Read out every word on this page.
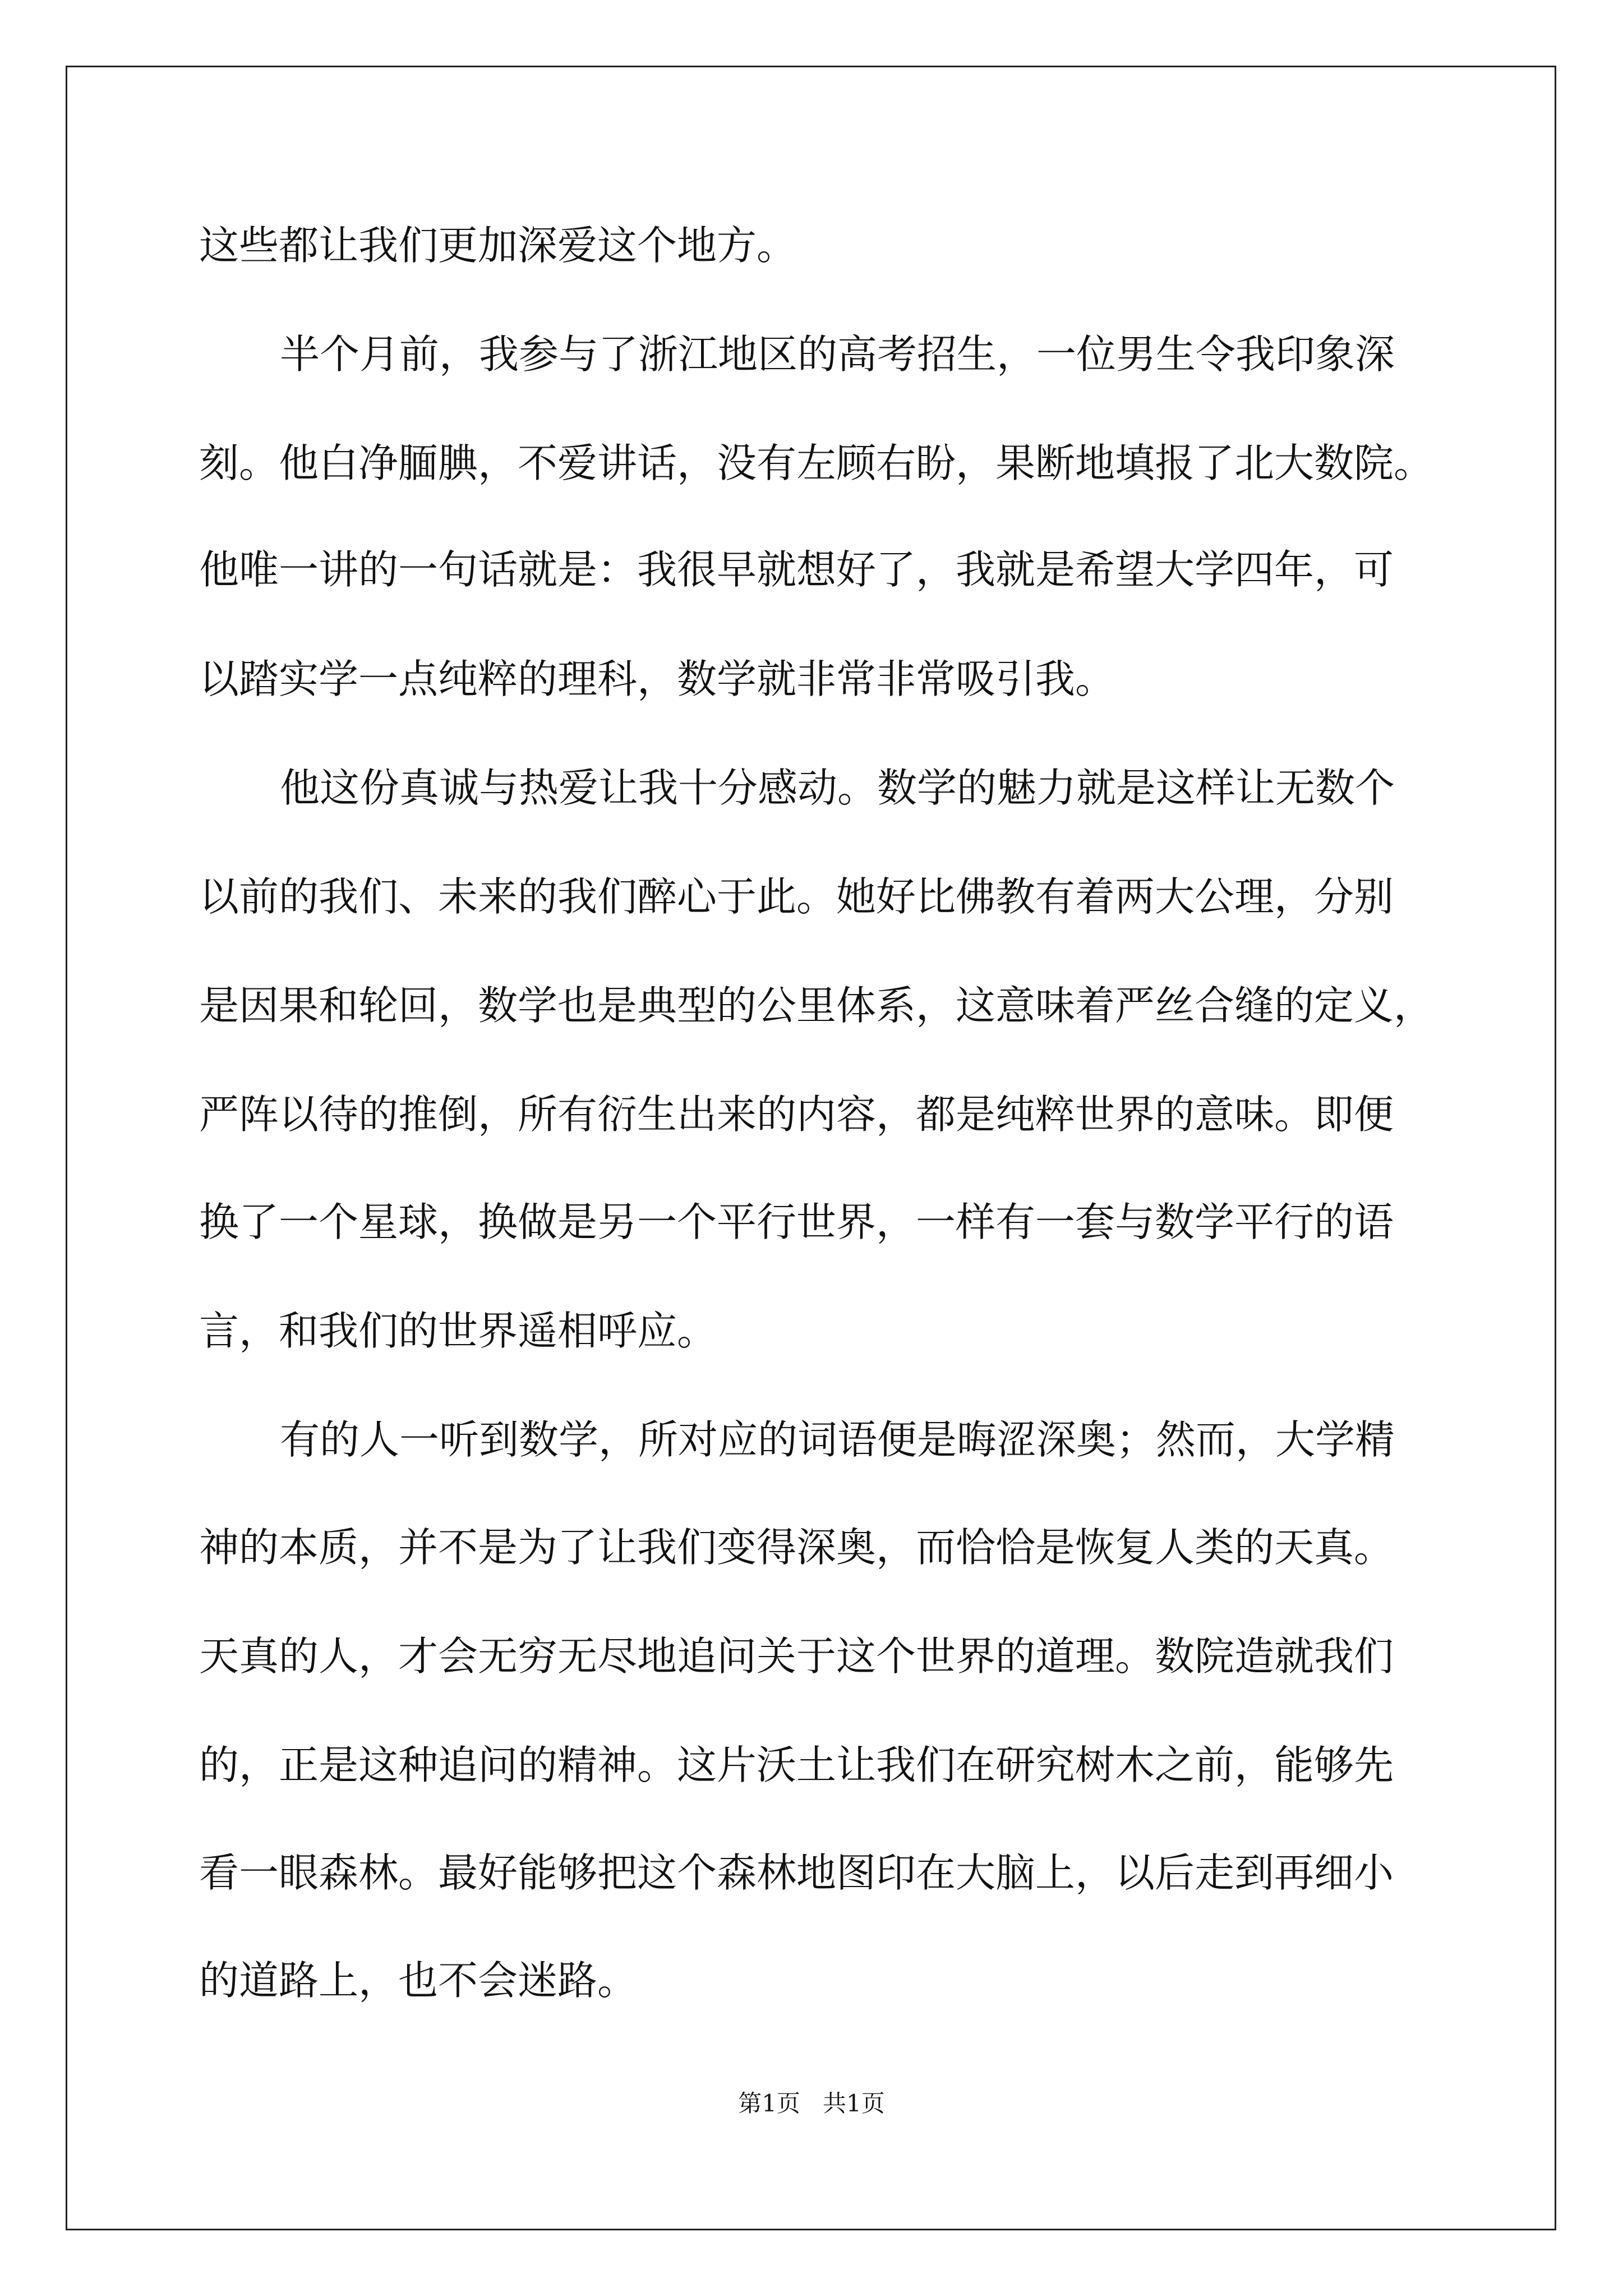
这些都让我们更加深爱这个地方。
半个月前，我参与了浙江地区的高考招生，一位男生令我印象深
刻。他白净腼腆，不爱讲话，没有左顾右盼，果断地填报了北大数院。
他唯一讲的一句话就是：我很早就想好了，我就是希望大学四年，可
以踏实学一点纯粹的理科，数学就非常非常吸引我。
他这份真诚与热爱让我十分感动。数学的魅力就是这样让无数个
以前的我们、未来的我们醉心于此。她好比佛教有着两大公理，分别
是因果和轮回，数学也是典型的公里体系，这意味着严丝合缝的定义，
严阵以待的推倒，所有衍生出来的内容，都是纯粹世界的意味。即便
换了一个星球，换做是另一个平行世界，一样有一套与数学平行的语
言，和我们的世界遥相呼应。
有的人一听到数学，所对应的词语便是晦涩深奥；然而，大学精
神的本质，并不是为了让我们变得深奥，而恰恰是恢复人类的天真。
天真的人，才会无穷无尽地追问关于这个世界的道理。数院造就我们
的，正是这种追问的精神。这片沃土让我们在研究树木之前，能够先
看一眼森林。最好能够把这个森林地图印在大脑上，以后走到再细小
的道路上，也不会迷路。
第1页   共1页
